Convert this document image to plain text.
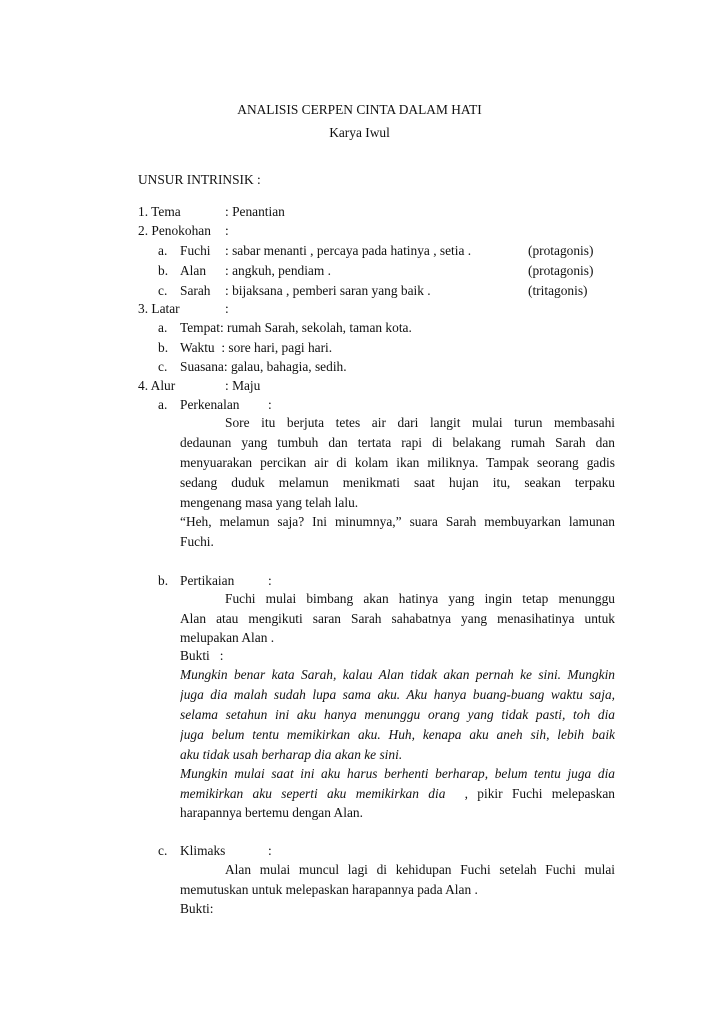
ANALISIS CERPEN CINTA DALAM HATI
Karya Iwul
UNSUR INTRINSIK :
1. Tema	: Penantian
2. Penokohan :
a. Fuchi : sabar menanti , percaya pada hatinya , setia .	(protagonis)
b. Alan : angkuh, pendiam .	(protagonis)
c. Sarah : bijaksana , pemberi saran yang baik .	(tritagonis)
3. Latar	:
a. Tempat: rumah Sarah, sekolah, taman kota.
b. Waktu  : sore hari, pagi hari.
c. Suasana: galau, bahagia, sedih.
4. Alur	: Maju
a. Perkenalan :
Sore itu berjuta tetes air dari langit mulai turun membasahi
dedaunan yang tumbuh dan tertata rapi di belakang rumah Sarah dan
menyuarakan percikan air di kolam ikan miliknya. Tampak seorang gadis
sedang duduk melamun menikmati saat hujan itu, seakan terpaku
mengenang masa yang telah lalu.
“Heh, melamun saja? Ini minumnya,” suara Sarah membuyarkan lamunan
Fuchi.
b. Pertikaian	:
Fuchi mulai bimbang akan hatinya yang ingin tetap menunggu
Alan atau mengikuti saran Sarah sahabatnya yang menasihatinya untuk
melupakan Alan .
Bukti   :
Mungkin benar kata Sarah, kalau Alan tidak akan pernah ke sini. Mungkin
juga dia malah sudah lupa sama aku. Aku hanya buang-buang waktu saja,
selama setahun ini aku hanya menunggu orang yang tidak pasti, toh dia
juga belum tentu memikirkan aku. Huh, kenapa aku aneh sih, lebih baik
aku tidak usah berharap dia akan ke sini.
Mungkin mulai saat ini aku harus berhenti berharap, belum tentu juga dia
memikirkan aku seperti aku memikirkan dia , pikir Fuchi melepaskan
harapannya bertemu dengan Alan.
c. Klimaks	:
Alan mulai muncul lagi di kehidupan Fuchi setelah Fuchi mulai
memutuskan untuk melepaskan harapannya pada Alan .
Bukti:
